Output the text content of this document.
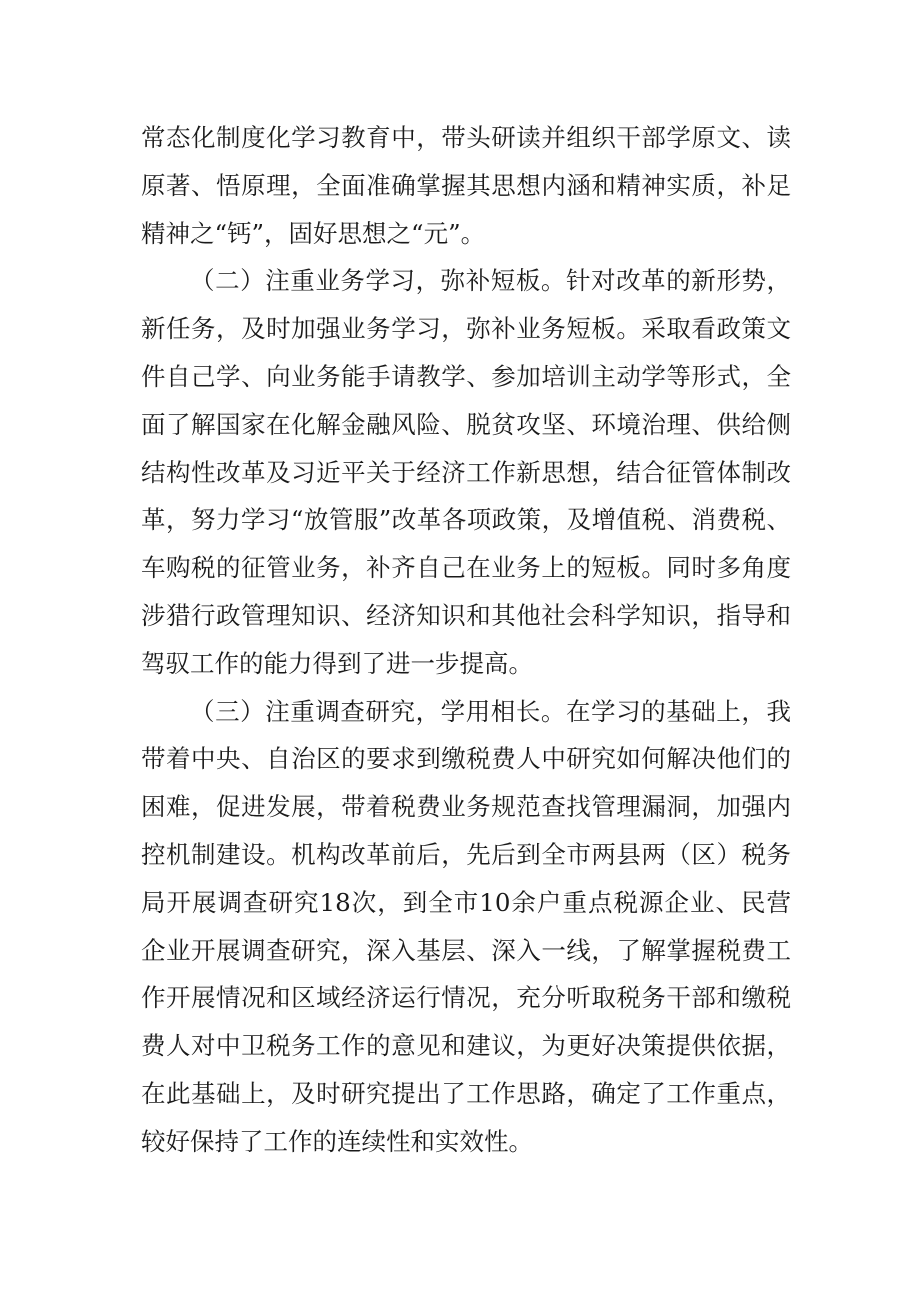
常态化制度化学习教育中，带头研读并组织干部学原文、读
原著、悟原理，全面准确掌握其思想内涵和精神实质，补足
精神之“钙”，固好思想之“元”。
（二）注重业务学习，弥补短板。针对改革的新形势，
新任务，及时加强业务学习，弥补业务短板。采取看政策文
件自己学、向业务能手请教学、参加培训主动学等形式，全
面了解国家在化解金融风险、脱贫攻坚、环境治理、供给侧
结构性改革及习近平关于经济工作新思想，结合征管体制改
革，努力学习“放管服”改革各项政策，及增值税、消费税、
车购税的征管业务，补齐自己在业务上的短板。同时多角度
涉猎行政管理知识、经济知识和其他社会科学知识，指导和
驾驭工作的能力得到了进一步提高。
（三）注重调查研究，学用相长。在学习的基础上，我
带着中央、自治区的要求到缴税费人中研究如何解决他们的
困难，促进发展，带着税费业务规范查找管理漏洞，加强内
控机制建设。机构改革前后，先后到全市两县两（区）税务
局开展调查研究18次，到全市10余户重点税源企业、民营
企业开展调查研究，深入基层、深入一线，了解掌握税费工
作开展情况和区域经济运行情况，充分听取税务干部和缴税
费人对中卫税务工作的意见和建议，为更好决策提供依据，
在此基础上，及时研究提出了工作思路，确定了工作重点，
较好保持了工作的连续性和实效性。
